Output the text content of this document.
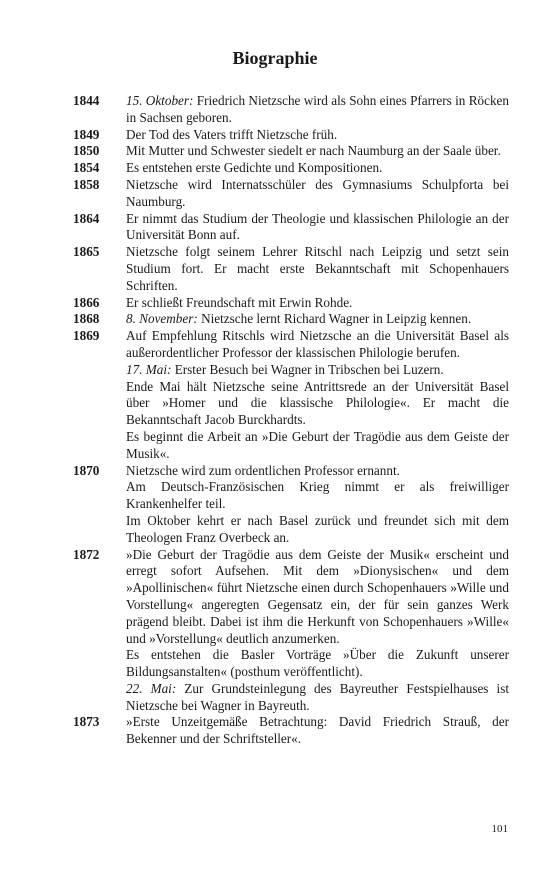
Biographie
1844	15. Oktober: Friedrich Nietzsche wird als Sohn eines Pfarrers in Röcken in Sachsen geboren.
1849	Der Tod des Vaters trifft Nietzsche früh.
1850	Mit Mutter und Schwester siedelt er nach Naumburg an der Saale über.
1854	Es entstehen erste Gedichte und Kompositionen.
1858	Nietzsche wird Internatsschüler des Gymnasiums Schulpforta bei Naumburg.
1864	Er nimmt das Studium der Theologie und klassischen Philologie an der Universität Bonn auf.
1865	Nietzsche folgt seinem Lehrer Ritschl nach Leipzig und setzt sein Studium fort. Er macht erste Bekanntschaft mit Schopenhauers Schriften.
1866	Er schließt Freundschaft mit Erwin Rohde.
1868	8. November: Nietzsche lernt Richard Wagner in Leipzig kennen.
1869	Auf Empfehlung Ritschls wird Nietzsche an die Universität Basel als außerordentlicher Professor der klassischen Philologie berufen.
17. Mai: Erster Besuch bei Wagner in Tribschen bei Luzern.
Ende Mai hält Nietzsche seine Antrittsrede an der Universität Basel über »Homer und die klassische Philologie«. Er macht die Bekanntschaft Jacob Burckhardts.
Es beginnt die Arbeit an »Die Geburt der Tragödie aus dem Geiste der Musik«.
1870	Nietzsche wird zum ordentlichen Professor ernannt.
Am Deutsch-Französischen Krieg nimmt er als freiwilliger Krankenhelfer teil.
Im Oktober kehrt er nach Basel zurück und freundet sich mit dem Theologen Franz Overbeck an.
1872	»Die Geburt der Tragödie aus dem Geiste der Musik« erscheint und erregt sofort Aufsehen. Mit dem »Dionysischen« und dem »Apollinischen« führt Nietzsche einen durch Schopenhauers »Wille und Vorstellung« angeregten Gegensatz ein, der für sein ganzes Werk prägend bleibt. Dabei ist ihm die Herkunft von Schopenhauers »Wille« und »Vorstellung« deutlich anzumerken.
Es entstehen die Basler Vorträge »Über die Zukunft unserer Bildungsanstalten« (posthum veröffentlicht).
22. Mai: Zur Grundsteinlegung des Bayreuther Festspielhauses ist Nietzsche bei Wagner in Bayreuth.
1873	»Erste Unzeitgemäße Betrachtung: David Friedrich Strauß, der Bekenner und der Schriftsteller«.
101
